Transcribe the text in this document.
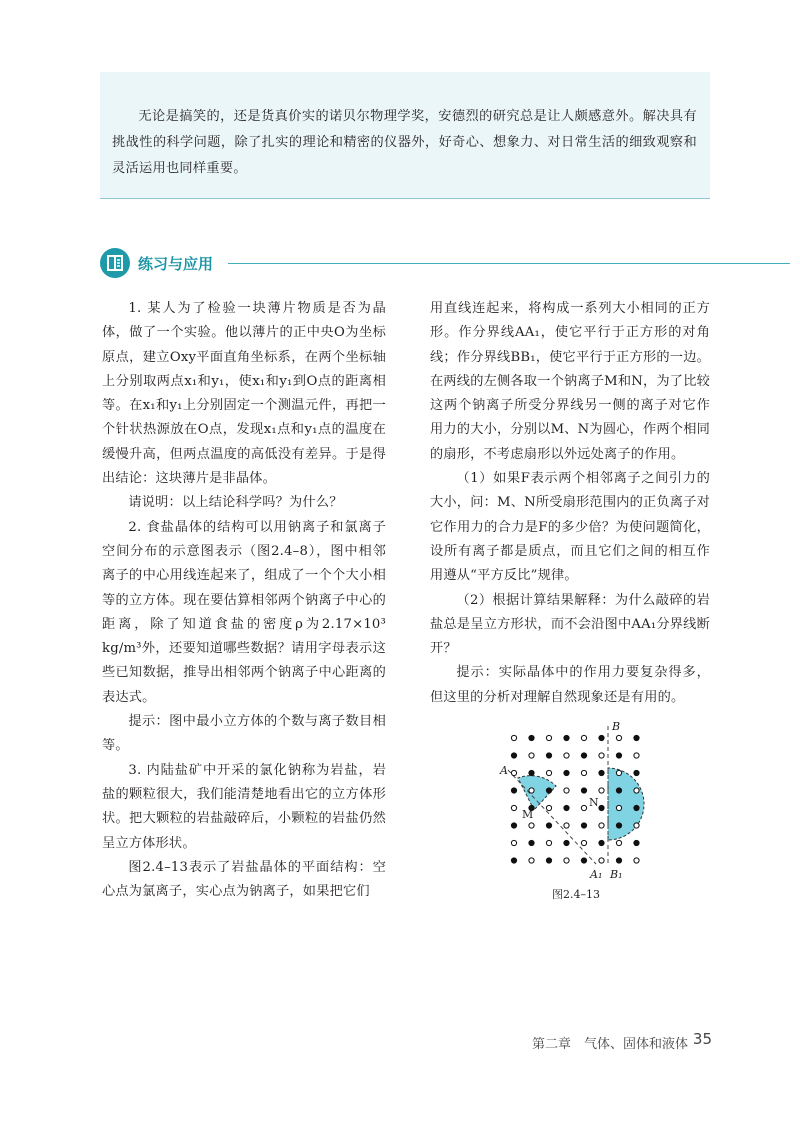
无论是搞笑的，还是货真价实的诺贝尔物理学奖，安德烈的研究总是让人颇感意外。解决具有挑战性的科学问题，除了扎实的理论和精密的仪器外，好奇心、想象力、对日常生活的细致观察和灵活运用也同样重要。

练习与应用

1. 某人为了检验一块薄片物质是否为晶体，做了一个实验。他以薄片的正中央O为坐标原点，建立Oxy平面直角坐标系，在两个坐标轴上分别取两点x₁和y₁，使x₁和y₁到O点的距离相等。在x₁和y₁上分别固定一个测温元件，再把一个针状热源放在O点，发现x₁点和y₁点的温度在缓慢升高，但两点温度的高低没有差异。于是得出结论：这块薄片是非晶体。

请说明：以上结论科学吗？为什么？

2. 食盐晶体的结构可以用钠离子和氯离子空间分布的示意图表示（图2.4–8），图中相邻离子的中心用线连起来了，组成了一个个大小相等的立方体。现在要估算相邻两个钠离子中心的距离，除了知道食盐的密度ρ为2.17×10³ kg/m³外，还要知道哪些数据？请用字母表示这些已知数据，推导出相邻两个钠离子中心距离的表达式。

提示：图中最小立方体的个数与离子数目相等。

3. 内陆盐矿中开采的氯化钠称为岩盐，岩盐的颗粒很大，我们能清楚地看出它的立方体形状。把大颗粒的岩盐敲碎后，小颗粒的岩盐仍然呈立方体形状。

图2.4–13表示了岩盐晶体的平面结构：空心点为氯离子，实心点为钠离子，如果把它们

用直线连起来，将构成一系列大小相同的正方形。作分界线AA₁，使它平行于正方形的对角线；作分界线BB₁，使它平行于正方形的一边。在两线的左侧各取一个钠离子M和N，为了比较这两个钠离子所受分界线另一侧的离子对它作用力的大小，分别以M、N为圆心，作两个相同的扇形，不考虑扇形以外远处离子的作用。

（1）如果F表示两个相邻离子之间引力的大小，问：M、N所受扇形范围内的正负离子对它作用力的合力是F的多少倍？为使问题简化，设所有离子都是质点，而且它们之间的相互作用遵从“平方反比”规律。

（2）根据计算结果解释：为什么敲碎的岩盐总是呈立方形状，而不会沿图中AA₁分界线断开？

提示：实际晶体中的作用力要复杂得多，但这里的分析对理解自然现象还是有用的。

A
A₁
B
B₁
M
N
图2.4–13
第二章　气体、固体和液体 35
